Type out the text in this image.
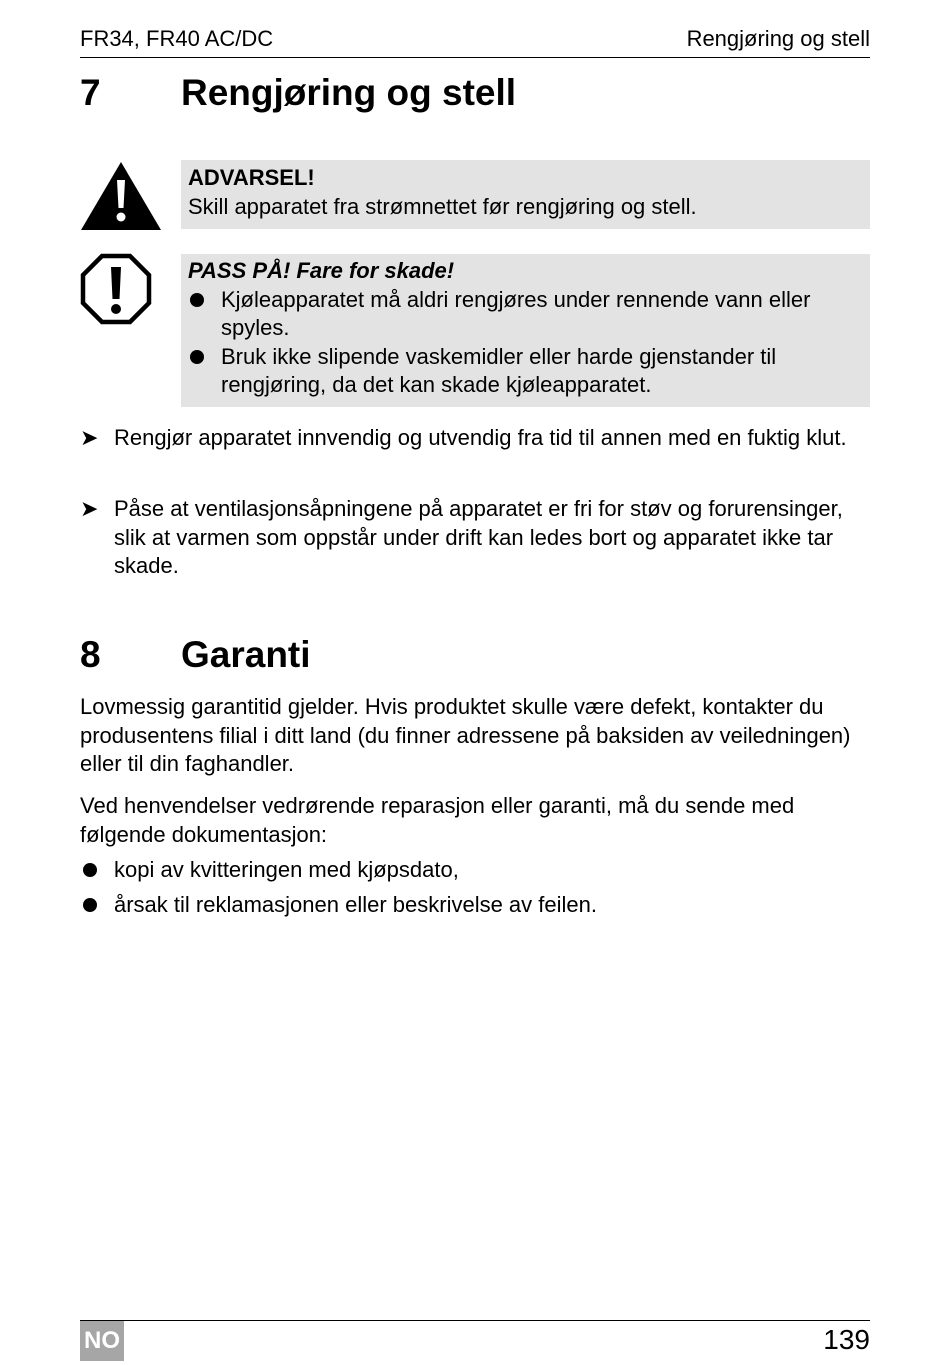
FR34, FR40 AC/DC	Rengjøring og stell
7 Rengjøring og stell
ADVARSEL!
Skill apparatet fra strømnettet før rengjøring og stell.
PASS PÅ! Fare for skade!
Kjøleapparatet må aldri rengjøres under rennende vann eller spyles.
Bruk ikke slipende vaskemidler eller harde gjenstander til rengjøring, da det kan skade kjøleapparatet.
➤ Rengjør apparatet innvendig og utvendig fra tid til annen med en fuktig klut.
➤ Påse at ventilasjonsåpningene på apparatet er fri for støv og forurensinger, slik at varmen som oppstår under drift kan ledes bort og apparatet ikke tar skade.
8 Garanti
Lovmessig garantitid gjelder. Hvis produktet skulle være defekt, kontakter du produsentens filial i ditt land (du finner adressene på baksiden av veiledningen) eller til din faghandler.
Ved henvendelser vedrørende reparasjon eller garanti, må du sende med følgende dokumentasjon:
kopi av kvitteringen med kjøpsdato,
årsak til reklamasjonen eller beskrivelse av feilen.
NO	139
